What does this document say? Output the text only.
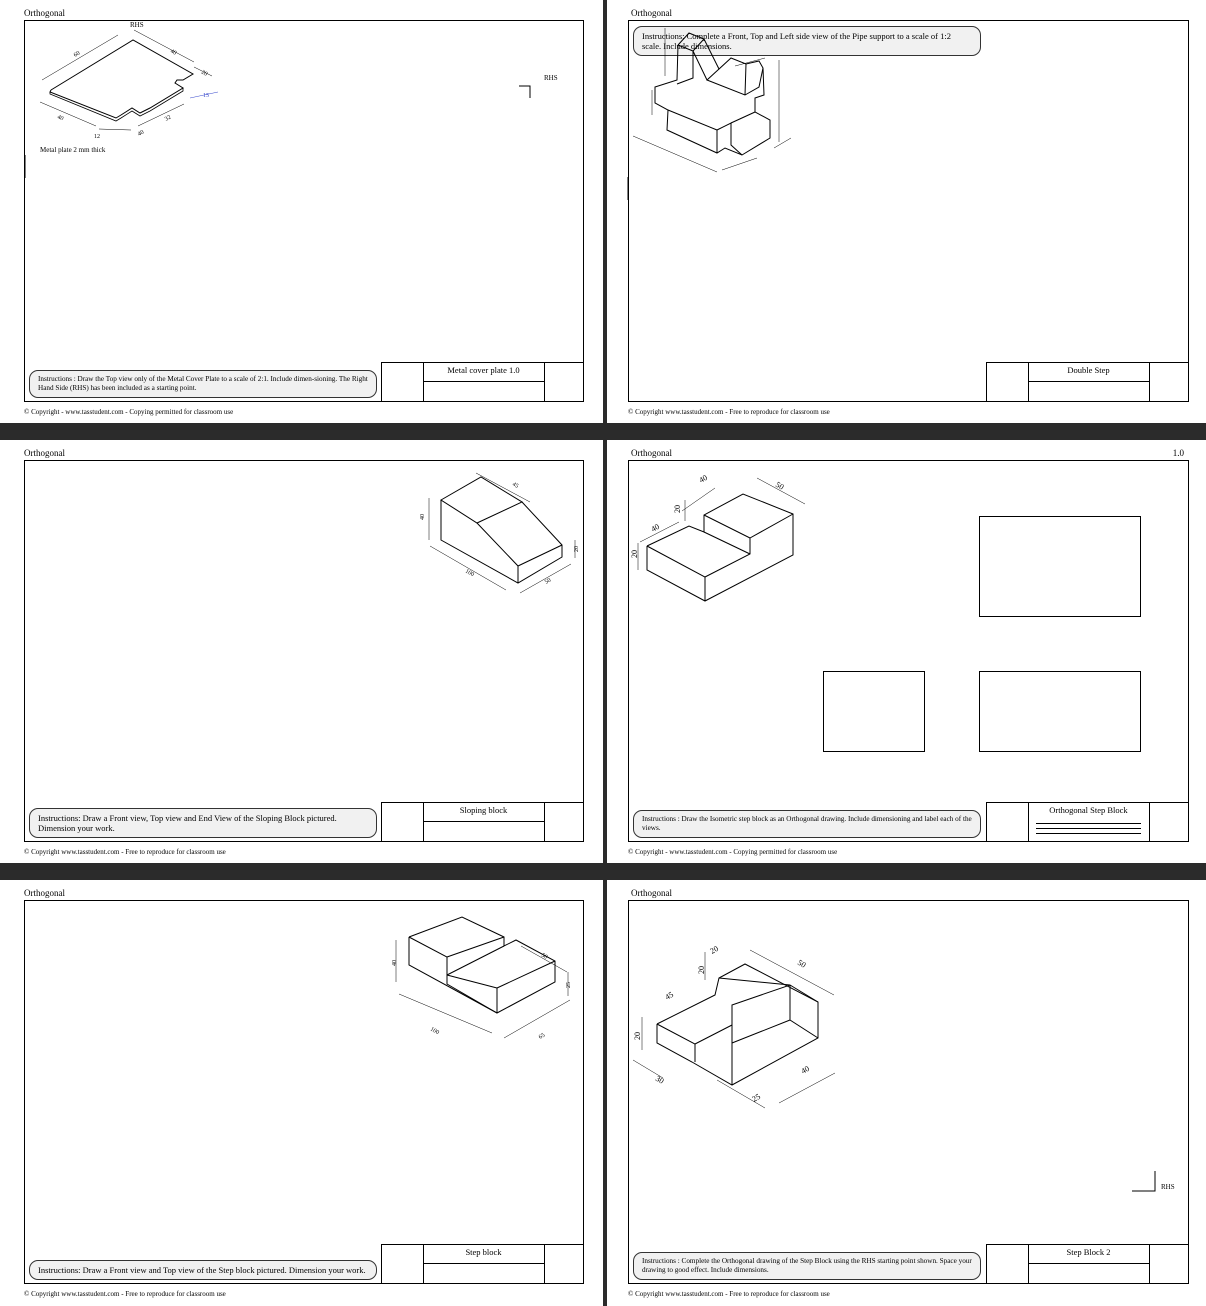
Orthogonal
Instructions : Draw the Top view only of the Metal Cover Plate to a scale of 2:1. Include dimen-sioning. The Right Hand Side (RHS) has been included as a starting point.
Metal cover plate 1.0
Metal plate 2 mm thick
RHS
RHS
60	40
40	32
20
15
12	40
© Copyright - www.tasstudent.com - Copying permitted for classroom use
Orthogonal
Instructions: Complete a Front, Top and Left side view of the Pipe support to a scale of 1:2 scale. Include dimensions.
Double Step
© Copyright www.tasstudent.com - Free to reproduce for classroom use
Orthogonal
Instructions: Draw a Front view, Top view and End View of the Sloping Block pictured. Dimension your work.
Sloping block
45
40
100
50
20
© Copyright www.tasstudent.com - Free to reproduce for classroom use
Orthogonal	1.0
Instructions : Draw the Isometric step block as an Orthogonal drawing. Include dimensioning and label each of the views.
Orthogonal Step Block
40
50
20
40
20
© Copyright - www.tasstudent.com - Copying permitted for classroom use
Orthogonal
Instructions: Draw a Front view and Top view of the Step block pictured. Dimension your work.
Step block
40
50
25
100
65
© Copyright www.tasstudent.com - Free to reproduce for classroom use
Orthogonal
Instructions : Complete the Orthogonal drawing of the Step Block using the RHS starting point shown. Space your drawing to good effect. Include dimensions.
Step Block 2
RHS
20
50
20
45
20
30
25
40
© Copyright www.tasstudent.com - Free to reproduce for classroom use
